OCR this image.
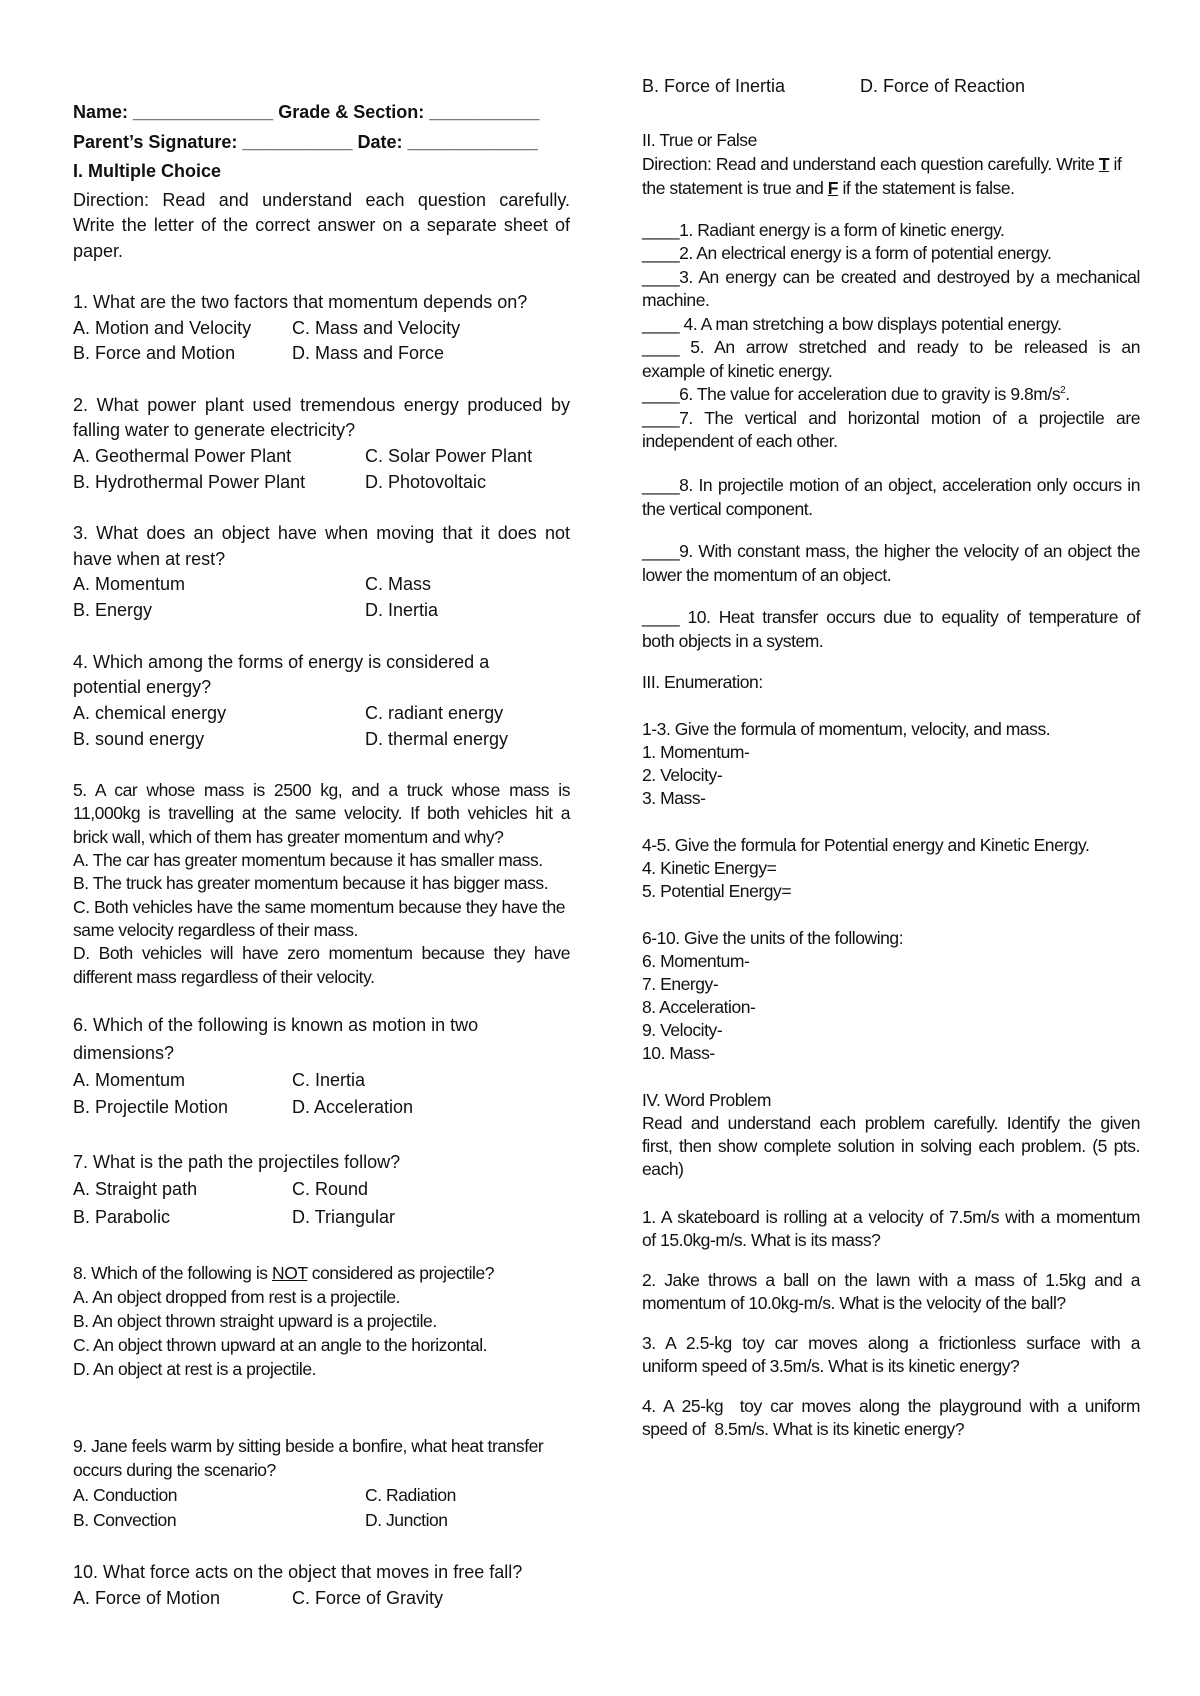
Name: ______________ Grade & Section: ___________
Parent’s Signature: ___________ Date: _____________
I. Multiple Choice
Direction: Read and understand each question carefully.
Write the letter of the correct answer on a separate sheet of
paper.
1. What are the two factors that momentum depends on?
A. Motion and Velocity C. Mass and Velocity
B. Force and Motion	D. Mass and Force
2. What power plant used tremendous energy produced by
falling water to generate electricity?
A. Geothermal Power Plant	C. Solar Power Plant
B. Hydrothermal Power Plant	D. Photovoltaic
3. What does an object have when moving that it does not
have when at rest?
A. Momentum	C. Mass
B. Energy	D. Inertia
4. Which among the forms of energy is considered a
potential energy?
A. chemical energy	C. radiant energy
B. sound energy	D. thermal energy
5. A car whose mass is 2500 kg, and a truck whose mass is
11,000kg is travelling at the same velocity. If both vehicles hit a
brick wall, which of them has greater momentum and why?
A. The car has greater momentum because it has smaller mass.
B. The truck has greater momentum because it has bigger mass.
C. Both vehicles have the same momentum because they have the
same velocity regardless of their mass.
D. Both vehicles will have zero momentum because they have
different mass regardless of their velocity.
6. Which of the following is known as motion in two
dimensions?
A. Momentum	C. Inertia
B. Projectile Motion	D. Acceleration
7. What is the path the projectiles follow?
A. Straight path	C. Round
B. Parabolic	D. Triangular
8. Which of the following is NOT considered as projectile?
A. An object dropped from rest is a projectile.
B. An object thrown straight upward is a projectile.
C. An object thrown upward at an angle to the horizontal.
D. An object at rest is a projectile.
9. Jane feels warm by sitting beside a bonfire, what heat transfer
occurs during the scenario?
A. Conduction	C. Radiation
B. Convection	D. Junction
10. What force acts on the object that moves in free fall?
A. Force of Motion	C. Force of Gravity
B. Force of Inertia	D. Force of Reaction
II. True or False
Direction: Read and understand each question carefully. Write T if
the statement is true and F if the statement is false.
____1. Radiant energy is a form of kinetic energy.
____2. An electrical energy is a form of potential energy.
____3. An energy can be created and destroyed by a mechanical
machine.
____ 4. A man stretching a bow displays potential energy.
____ 5. An arrow stretched and ready to be released is an
example of kinetic energy.
____6. The value for acceleration due to gravity is $9.8m/s^2$.
____7. The vertical and horizontal motion of a projectile are
independent of each other.
____8. In projectile motion of an object, acceleration only occurs in
the vertical component.
____9. With constant mass, the higher the velocity of an object the
lower the momentum of an object.
____ 10. Heat transfer occurs due to equality of temperature of
both objects in a system.
III. Enumeration:
1-3. Give the formula of momentum, velocity, and mass.
1. Momentum-
2. Velocity-
3. Mass-
4-5. Give the formula for Potential energy and Kinetic Energy.
4. Kinetic Energy=
5. Potential Energy=
6-10. Give the units of the following:
6. Momentum-
7. Energy-
8. Acceleration-
9. Velocity-
10. Mass-
IV. Word Problem
Read and understand each problem carefully. Identify the given
first, then show complete solution in solving each problem. (5 pts.
each)
1. A skateboard is rolling at a velocity of 7.5m/s with a momentum
of 15.0kg-m/s. What is its mass?
2. Jake throws a ball on the lawn with a mass of 1.5kg and a
momentum of 10.0kg-m/s. What is the velocity of the ball?
3. A 2.5-kg toy car moves along a frictionless surface with a
uniform speed of 3.5m/s. What is its kinetic energy?
4. A 25-kg  toy car moves along the playground with a uniform
speed of  8.5m/s. What is its kinetic energy?
